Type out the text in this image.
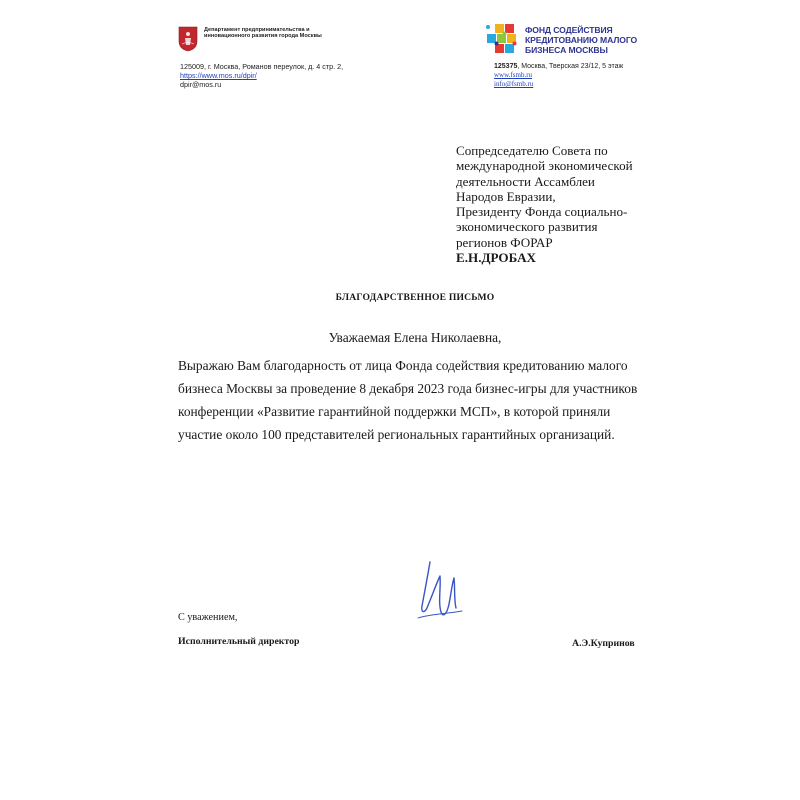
Департамент предпринимательства и инновационного развития города Москвы
125009, г. Москва, Романов переулок, д. 4 стр. 2,
https://www.mos.ru/dpir/
dpir@mos.ru
ФОНД СОДЕЙСТВИЯ КРЕДИТОВАНИЮ МАЛОГО БИЗНЕСА МОСКВЫ
125375, Москва, Тверская 23/12, 5 этаж
www.fsmb.ru
info@fsmb.ru
Сопредседателю Совета по
международной экономической
деятельности Ассамблеи
Народов Евразии,
Президенту Фонда социально-
экономического развития
регионов ФОРАР
Е.Н.ДРОБАХ
БЛАГОДАРСТВЕННОЕ ПИСЬМО
Уважаемая Елена Николаевна,
Выражаю Вам благодарность от лица Фонда содействия кредитованию малого
бизнеса Москвы за проведение 8 декабря 2023 года бизнес-игры для участников
конференции «Развитие гарантийной поддержки МСП», в которой приняли
участие около 100 представителей региональных гарантийных организаций.
С уважением,
Исполнительный директор	А.Э.Купринов
